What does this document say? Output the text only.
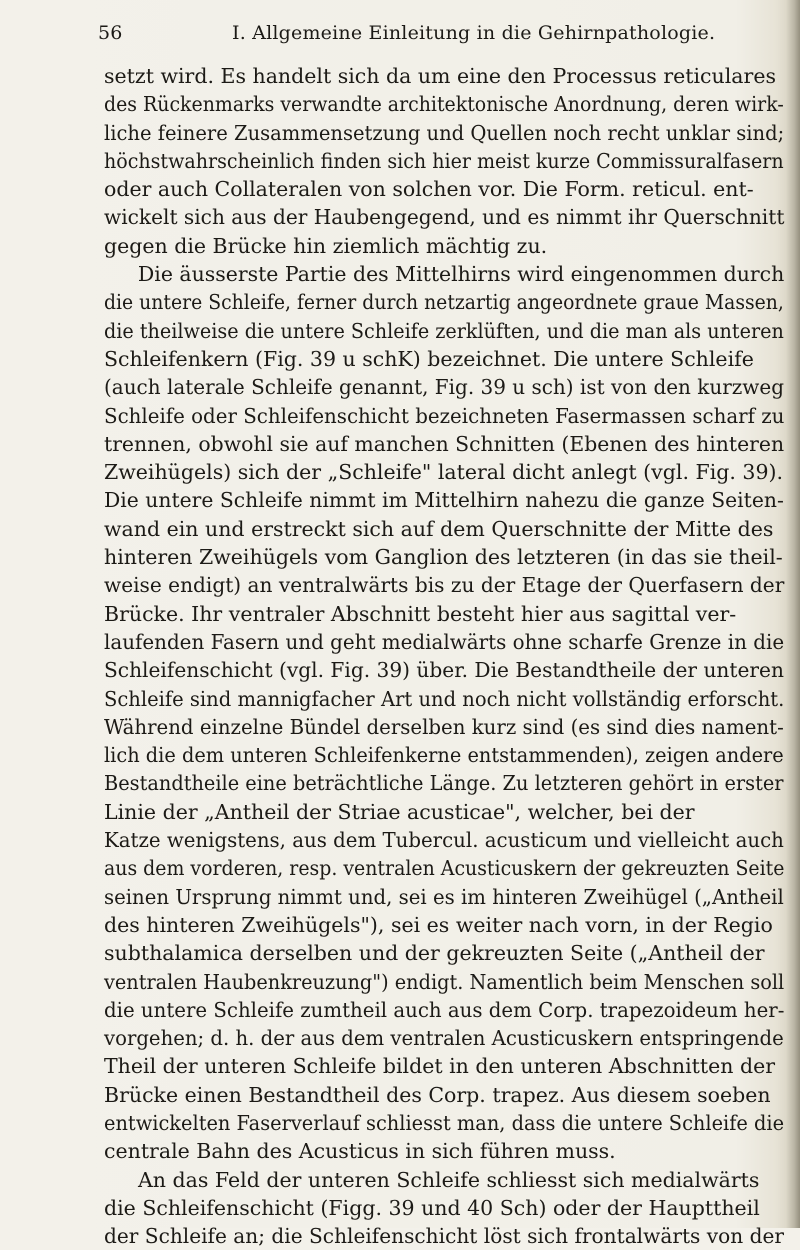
56	I. Allgemeine Einleitung in die Gehirnpathologie.
setzt wird. Es handelt sich da um eine den Processus reticulares
des Rückenmarks verwandte architektonische Anordnung, deren wirk-
liche feinere Zusammensetzung und Quellen noch recht unklar sind;
höchstwahrscheinlich finden sich hier meist kurze Commissuralfasern
oder auch Collateralen von solchen vor. Die Form. reticul. ent-
wickelt sich aus der Haubengegend, und es nimmt ihr Querschnitt
gegen die Brücke hin ziemlich mächtig zu.
Die äusserste Partie des Mittelhirns wird eingenommen durch
die untere Schleife, ferner durch netzartig angeordnete graue Massen,
die theilweise die untere Schleife zerklüften, und die man als unteren
Schleifenkern (Fig. 39 u schK) bezeichnet. Die untere Schleife
(auch laterale Schleife genannt, Fig. 39 u sch) ist von den kurzweg
Schleife oder Schleifenschicht bezeichneten Fasermassen scharf zu
trennen, obwohl sie auf manchen Schnitten (Ebenen des hinteren
Zweihügels) sich der „Schleife" lateral dicht anlegt (vgl. Fig. 39).
Die untere Schleife nimmt im Mittelhirn nahezu die ganze Seiten-
wand ein und erstreckt sich auf dem Querschnitte der Mitte des
hinteren Zweihügels vom Ganglion des letzteren (in das sie theil-
weise endigt) an ventralwärts bis zu der Etage der Querfasern der
Brücke. Ihr ventraler Abschnitt besteht hier aus sagittal ver-
laufenden Fasern und geht medialwärts ohne scharfe Grenze in die
Schleifenschicht (vgl. Fig. 39) über. Die Bestandtheile der unteren
Schleife sind mannigfacher Art und noch nicht vollständig erforscht.
Während einzelne Bündel derselben kurz sind (es sind dies nament-
lich die dem unteren Schleifenkerne entstammenden), zeigen andere
Bestandtheile eine beträchtliche Länge. Zu letzteren gehört in erster
Linie der „Antheil der Striae acusticae", welcher, bei der
Katze wenigstens, aus dem Tubercul. acusticum und vielleicht auch
aus dem vorderen, resp. ventralen Acusticuskern der gekreuzten Seite
seinen Ursprung nimmt und, sei es im hinteren Zweihügel („Antheil
des hinteren Zweihügels"), sei es weiter nach vorn, in der Regio
subthalamica derselben und der gekreuzten Seite („Antheil der
ventralen Haubenkreuzung") endigt. Namentlich beim Menschen soll
die untere Schleife zumtheil auch aus dem Corp. trapezoideum her-
vorgehen; d. h. der aus dem ventralen Acusticuskern entspringende
Theil der unteren Schleife bildet in den unteren Abschnitten der
Brücke einen Bestandtheil des Corp. trapez. Aus diesem soeben
entwickelten Faserverlauf schliesst man, dass die untere Schleife die
centrale Bahn des Acusticus in sich führen muss.
An das Feld der unteren Schleife schliesst sich medialwärts
die Schleifenschicht (Figg. 39 und 40 Sch) oder der Haupttheil
der Schleife an; die Schleifenschicht löst sich frontalwärts von der
